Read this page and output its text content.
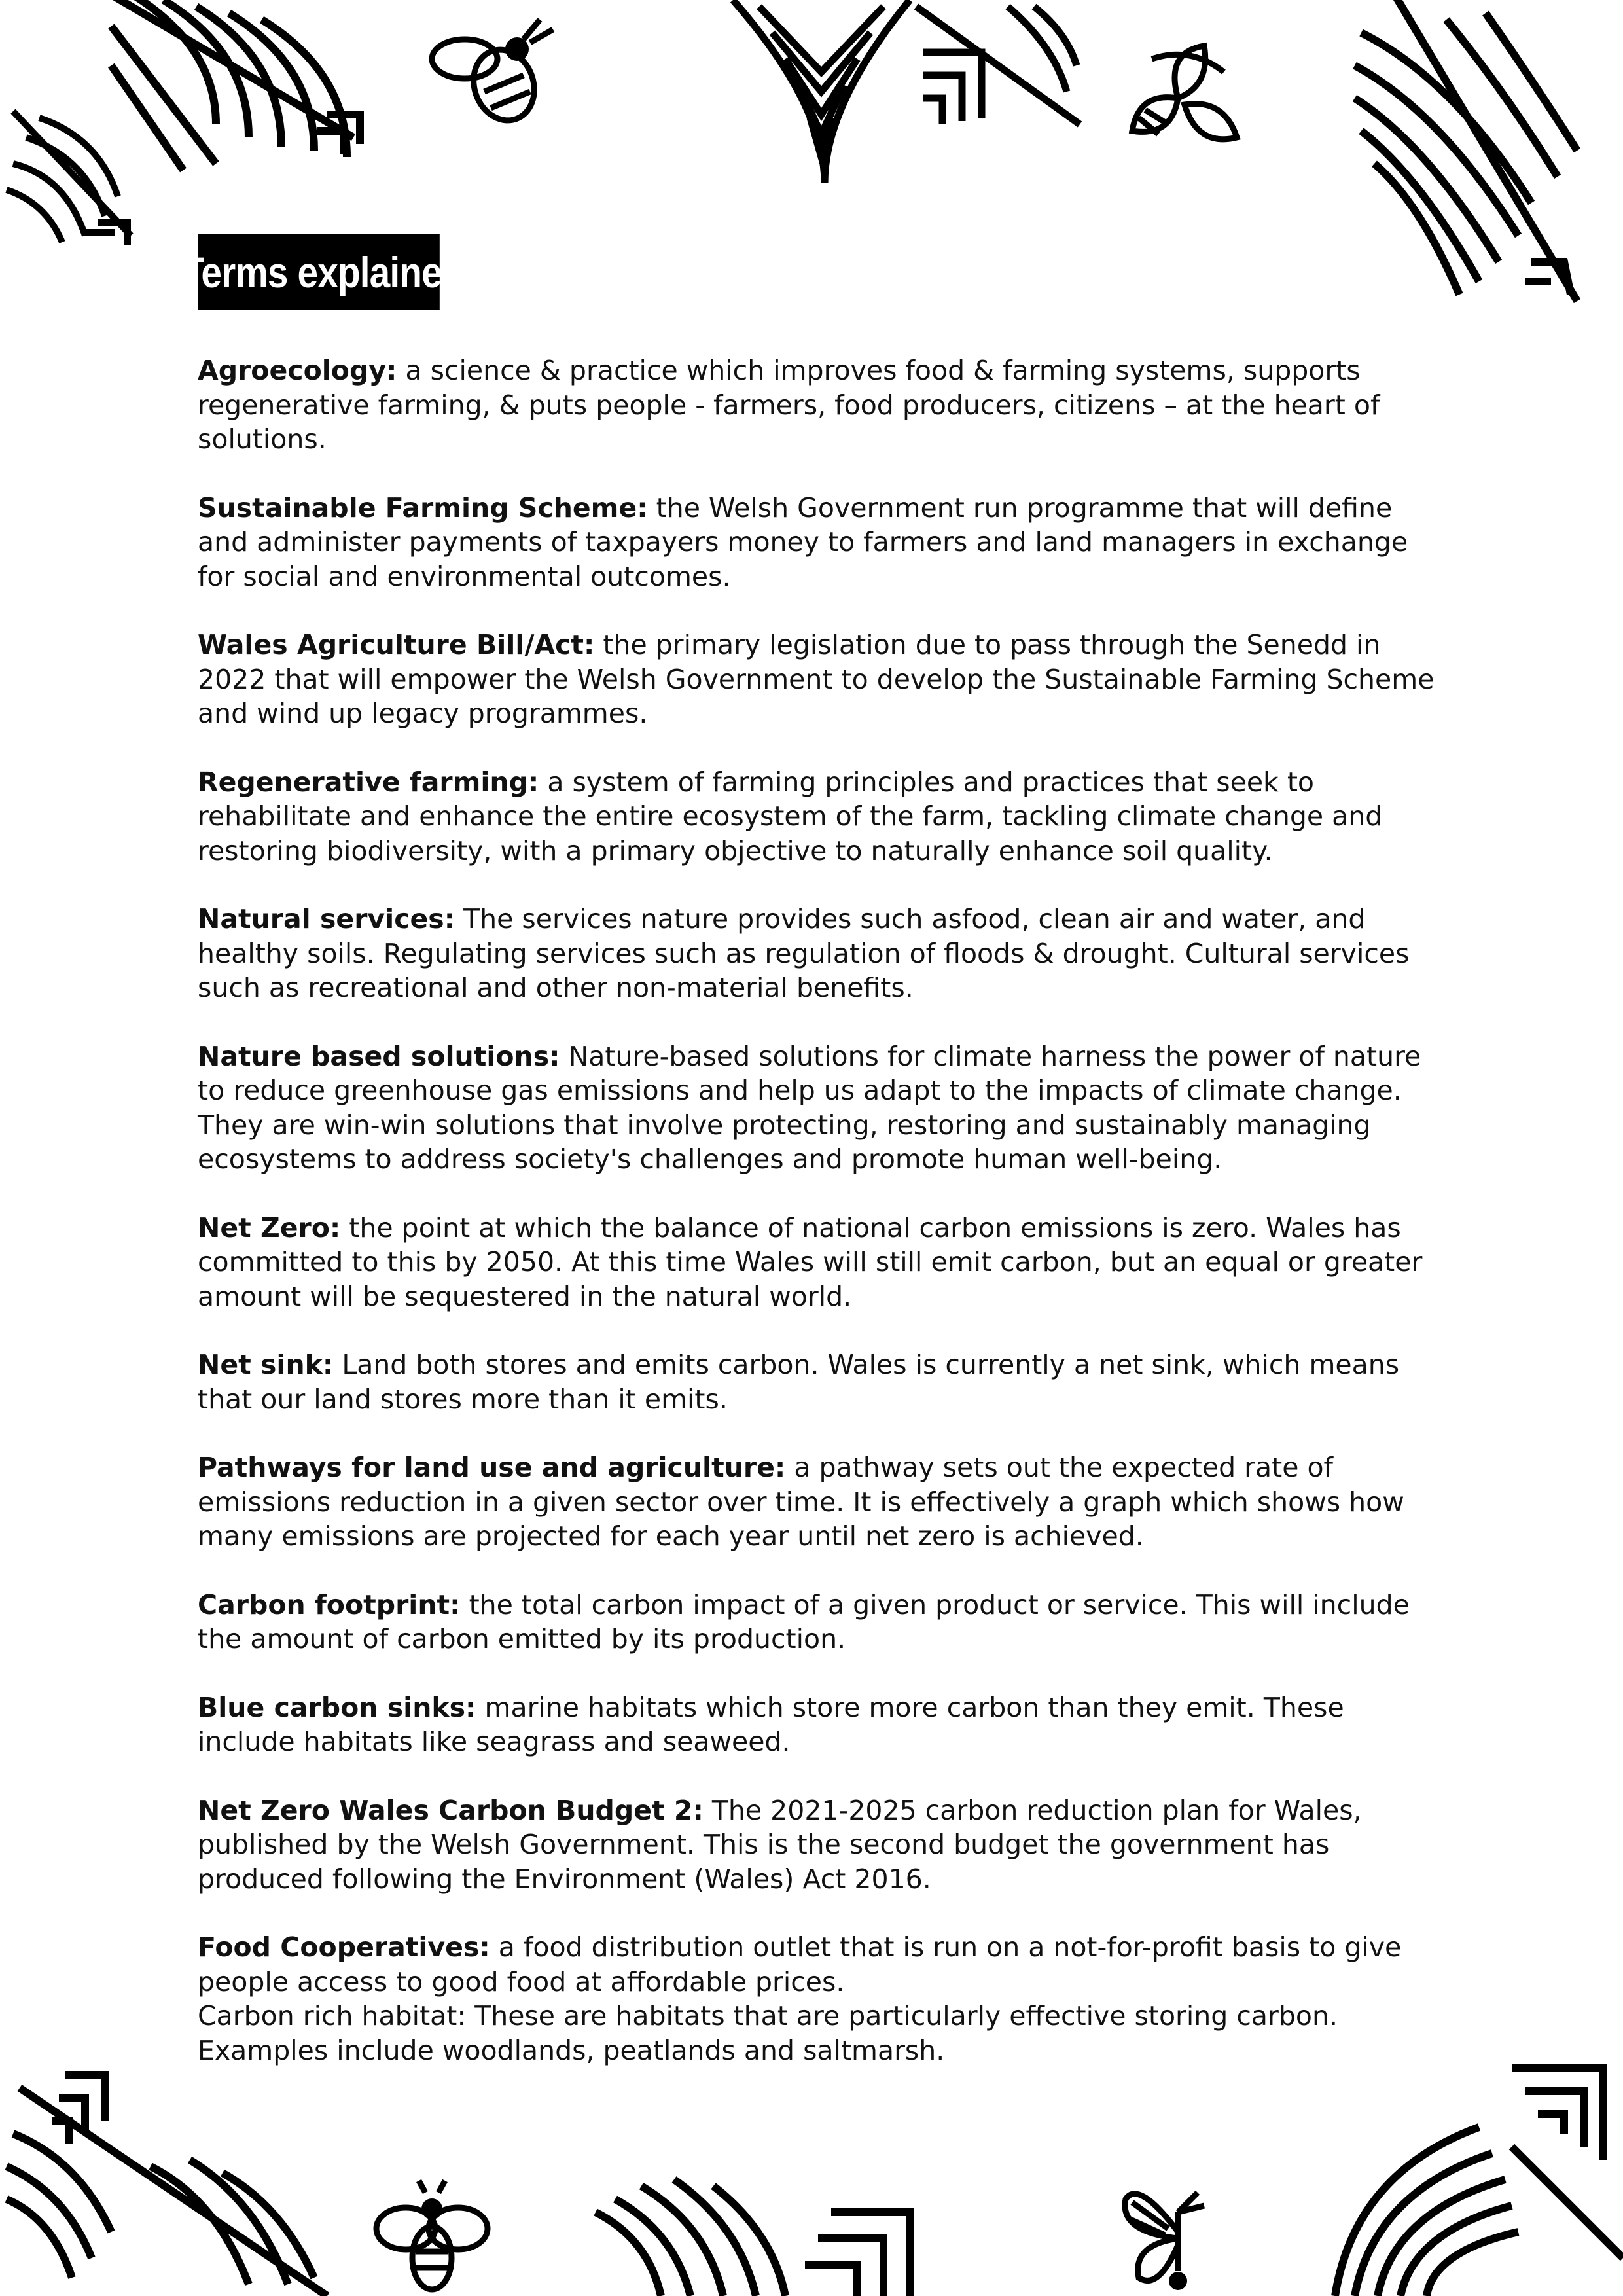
Terms explainer

Agroecology: a science & practice which improves food & farming systems, supports regenerative farming, & puts people - farmers, food producers, citizens – at the heart of solutions.

Sustainable Farming Scheme: the Welsh Government run programme that will define and administer payments of taxpayers money to farmers and land managers in exchange for social and environmental outcomes.

Wales Agriculture Bill/Act: the primary legislation due to pass through the Senedd in 2022 that will empower the Welsh Government to develop the Sustainable Farming Scheme and wind up legacy programmes.

Regenerative farming: a system of farming principles and practices that seek to rehabilitate and enhance the entire ecosystem of the farm, tackling climate change and restoring biodiversity, with a primary objective to naturally enhance soil quality.

Natural services: The services nature provides such asfood, clean air and water, and healthy soils. Regulating services such as regulation of floods & drought. Cultural services such as recreational and other non-material benefits.

Nature based solutions: Nature-based solutions for climate harness the power of nature to reduce greenhouse gas emissions and help us adapt to the impacts of climate change. They are win-win solutions that involve protecting, restoring and sustainably managing ecosystems to address society's challenges and promote human well-being.

Net Zero: the point at which the balance of national carbon emissions is zero. Wales has committed to this by 2050. At this time Wales will still emit carbon, but an equal or greater amount will be sequestered in the natural world.

Net sink: Land both stores and emits carbon. Wales is currently a net sink, which means that our land stores more than it emits.

Pathways for land use and agriculture: a pathway sets out the expected rate of emissions reduction in a given sector over time. It is effectively a graph which shows how many emissions are projected for each year until net zero is achieved.

Carbon footprint: the total carbon impact of a given product or service. This will include the amount of carbon emitted by its production.

Blue carbon sinks: marine habitats which store more carbon than they emit. These include habitats like seagrass and seaweed.

Net Zero Wales Carbon Budget 2: The 2021-2025 carbon reduction plan for Wales, published by the Welsh Government. This is the second budget the government has produced following the Environment (Wales) Act 2016.

Food Cooperatives: a food distribution outlet that is run on a not-for-profit basis to give people access to good food at affordable prices.
Carbon rich habitat: These are habitats that are particularly effective storing carbon. Examples include woodlands, peatlands and saltmarsh.
